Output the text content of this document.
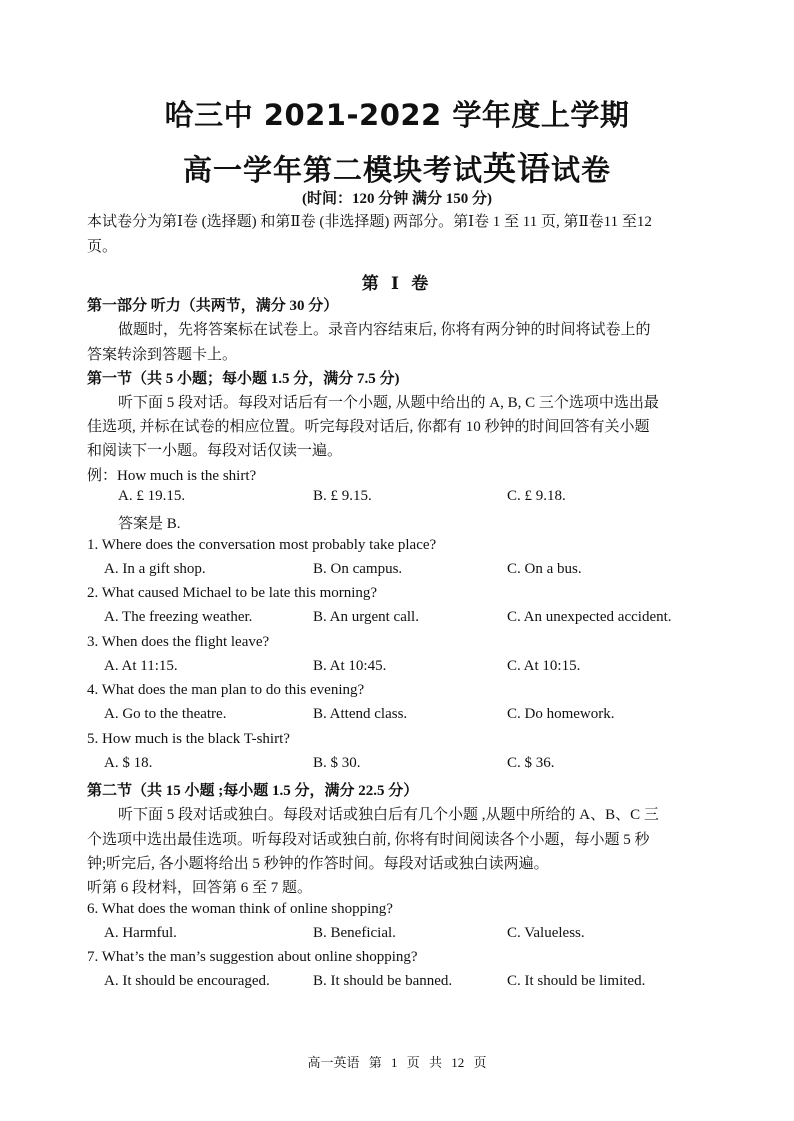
哈三中 2021-2022 学年度上学期
高一学年第二模块考试英语试卷
(时间：120 分钟 满分 150 分)
本试卷分为第Ⅰ卷 (选择题) 和第Ⅱ卷 (非选择题) 两部分。第Ⅰ卷 1 至 11 页, 第Ⅱ卷11 至12
页。
第 Ⅰ 卷
第一部分 听力（共两节，满分 30 分）
做题时，先将答案标在试卷上。录音内容结束后, 你将有两分钟的时间将试卷上的
答案转涂到答题卡上。
第一节（共 5 小题；每小题 1.5 分，满分 7.5 分)
听下面 5 段对话。每段对话后有一个小题, 从题中给出的 A, B, C 三个选项中选出最
佳选项, 并标在试卷的相应位置。听完每段对话后, 你都有 10 秒钟的时间回答有关小题
和阅读下一小题。每段对话仅读一遍。
例：How much is the shirt?
A. £ 19.15.	B. £ 9.15.	C. £ 9.18.
答案是 B.
1. Where does the conversation most probably take place?
A. In a gift shop.	B. On campus.	C. On a bus.
2. What caused Michael to be late this morning?
A. The freezing weather.	B. An urgent call.	C. An unexpected accident.
3. When does the flight leave?
A. At 11:15.	B. At 10:45.	C. At 10:15.
4. What does the man plan to do this evening?
A. Go to the theatre.	B. Attend class.	C. Do homework.
5. How much is the black T-shirt?
A. $ 18.	B. $ 30.	C. $ 36.
第二节（共 15 小题 ;每小题 1.5 分，满分 22.5 分）
听下面 5 段对话或独白。每段对话或独白后有几个小题 ,从题中所给的 A、B、C 三
个选项中选出最佳选项。听每段对话或独白前, 你将有时间阅读各个小题，每小题 5 秒
钟;听完后, 各小题将给出 5 秒钟的作答时间。每段对话或独白读两遍。
听第 6 段材料，回答第 6 至 7 题。
6. What does the woman think of online shopping?
A. Harmful.	B. Beneficial.	C. Valueless.
7. What’s the man’s suggestion about online shopping?
A. It should be encouraged.	B. It should be banned.	C. It should be limited.
高一英语 第 1 页 共 12 页
